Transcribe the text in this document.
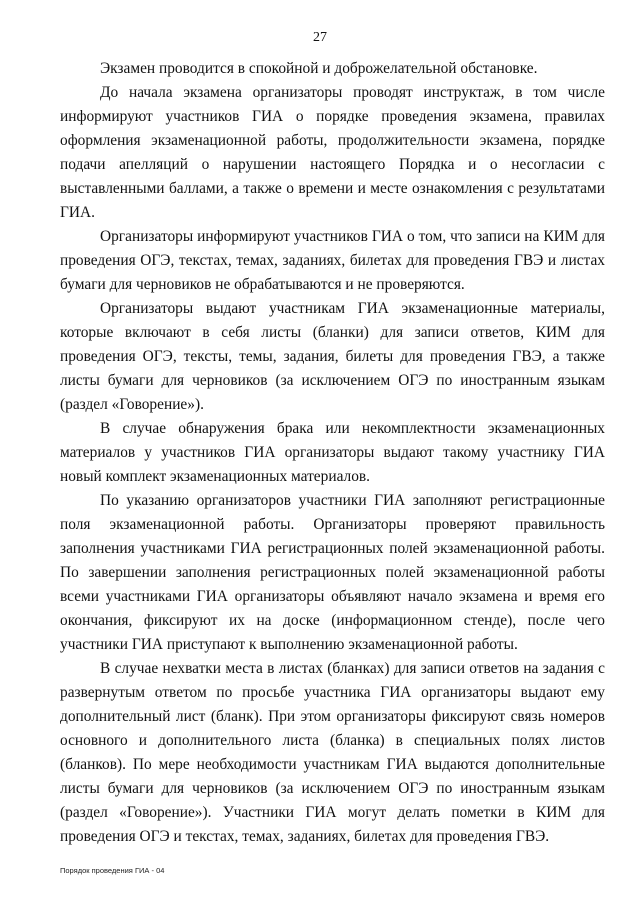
27

Экзамен проводится в спокойной и доброжелательной обстановке.

До начала экзамена организаторы проводят инструктаж, в том числе информируют участников ГИА о порядке проведения экзамена, правилах оформления экзаменационной работы, продолжительности экзамена, порядке подачи апелляций о нарушении настоящего Порядка и о несогласии с выставленными баллами, а также о времени и месте ознакомления с результатами ГИА.

Организаторы информируют участников ГИА о том, что записи на КИМ для проведения ОГЭ, текстах, темах, заданиях, билетах для проведения ГВЭ и листах бумаги для черновиков не обрабатываются и не проверяются.

Организаторы выдают участникам ГИА экзаменационные материалы, которые включают в себя листы (бланки) для записи ответов, КИМ для проведения ОГЭ, тексты, темы, задания, билеты для проведения ГВЭ, а также листы бумаги для черновиков (за исключением ОГЭ по иностранным языкам (раздел «Говорение»).

В случае обнаружения брака или некомплектности экзаменационных материалов у участников ГИА организаторы выдают такому участнику ГИА новый комплект экзаменационных материалов.

По указанию организаторов участники ГИА заполняют регистрационные поля экзаменационной работы. Организаторы проверяют правильность заполнения участниками ГИА регистрационных полей экзаменационной работы. По завершении заполнения регистрационных полей экзаменационной работы всеми участниками ГИА организаторы объявляют начало экзамена и время его окончания, фиксируют их на доске (информационном стенде), после чего участники ГИА приступают к выполнению экзаменационной работы.

В случае нехватки места в листах (бланках) для записи ответов на задания с развернутым ответом по просьбе участника ГИА организаторы выдают ему дополнительный лист (бланк). При этом организаторы фиксируют связь номеров основного и дополнительного листа (бланка) в специальных полях листов (бланков). По мере необходимости участникам ГИА выдаются дополнительные листы бумаги для черновиков (за исключением ОГЭ по иностранным языкам (раздел «Говорение»). Участники ГИА могут делать пометки в КИМ для проведения ОГЭ и текстах, темах, заданиях, билетах для проведения ГВЭ.

Порядок проведения ГИА - 04
